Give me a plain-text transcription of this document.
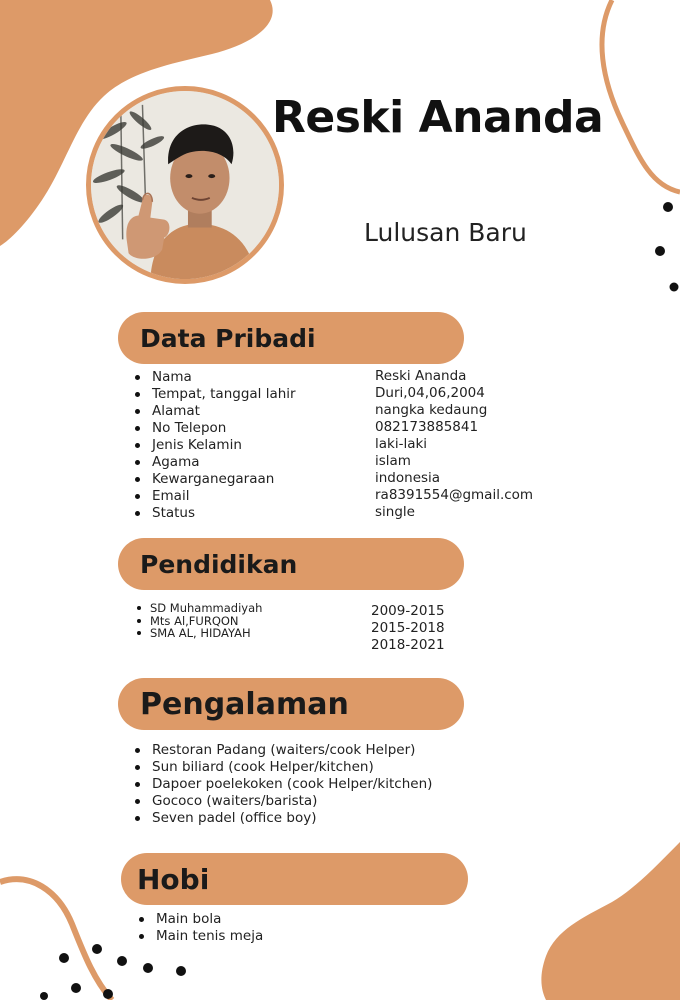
Reski Ananda
Lulusan Baru
Data Pribadi
Nama
Tempat, tanggal lahir
Alamat
No Telepon
Jenis Kelamin
Agama
Kewarganegaraan
Email
Status
Reski Ananda
Duri,04,06,2004
nangka kedaung
082173885841
laki-laki
islam
indonesia
ra8391554@gmail.com
single
Pendidikan
SD Muhammadiyah
Mts Al,FURQON
SMA AL, HIDAYAH
2009-2015
2015-2018
2018-2021
Pengalaman
Restoran Padang (waiters/cook Helper)
Sun biliard (cook Helper/kitchen)
Dapoer poelekoken (cook Helper/kitchen)
Gococo (waiters/barista)
Seven padel (office boy)
Hobi
Main bola
Main tenis meja
